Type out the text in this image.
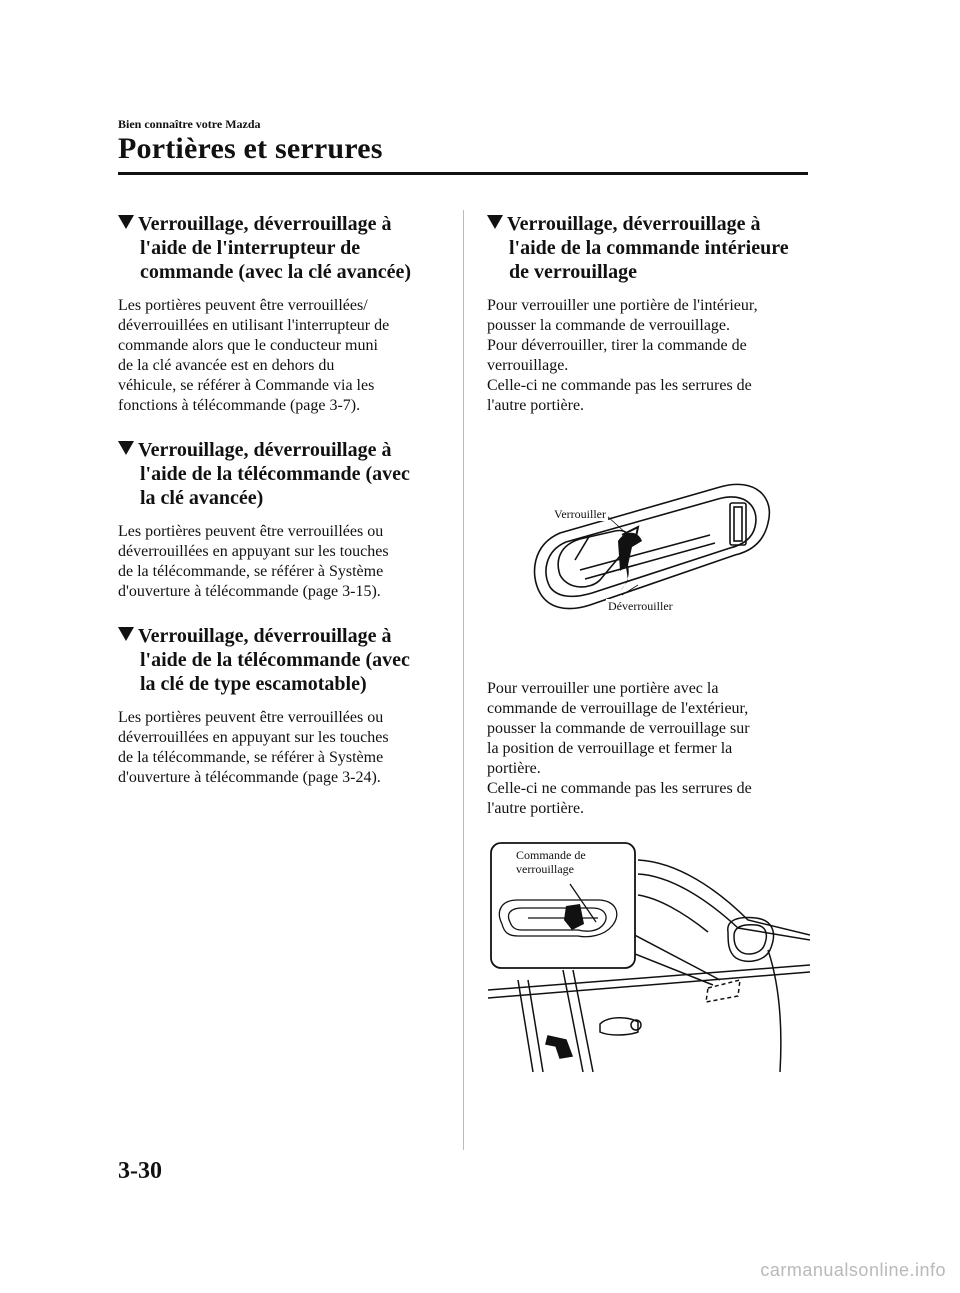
Bien connaître votre Mazda
Portières et serrures
Verrouillage, déverrouillage à
l'aide de l'interrupteur de
commande (avec la clé avancée)
Les portières peuvent être verrouillées/
déverrouillées en utilisant l'interrupteur de
commande alors que le conducteur muni
de la clé avancée est en dehors du
véhicule, se référer à Commande via les
fonctions à télécommande (page 3-7).
Verrouillage, déverrouillage à
l'aide de la télécommande (avec
la clé avancée)
Les portières peuvent être verrouillées ou
déverrouillées en appuyant sur les touches
de la télécommande, se référer à Système
d'ouverture à télécommande (page 3-15).
Verrouillage, déverrouillage à
l'aide de la télécommande (avec
la clé de type escamotable)
Les portières peuvent être verrouillées ou
déverrouillées en appuyant sur les touches
de la télécommande, se référer à Système
d'ouverture à télécommande (page 3-24).
Verrouillage, déverrouillage à
l'aide de la commande intérieure
de verrouillage
Pour verrouiller une portière de l'intérieur,
pousser la commande de verrouillage.
Pour déverrouiller, tirer la commande de
verrouillage.
Celle-ci ne commande pas les serrures de
l'autre portière.
Verrouiller
Déverrouiller
Pour verrouiller une portière avec la
commande de verrouillage de l'extérieur,
pousser la commande de verrouillage sur
la position de verrouillage et fermer la
portière.
Celle-ci ne commande pas les serrures de
l'autre portière.
Commande de
verrouillage
3-30
carmanualsonline.info
